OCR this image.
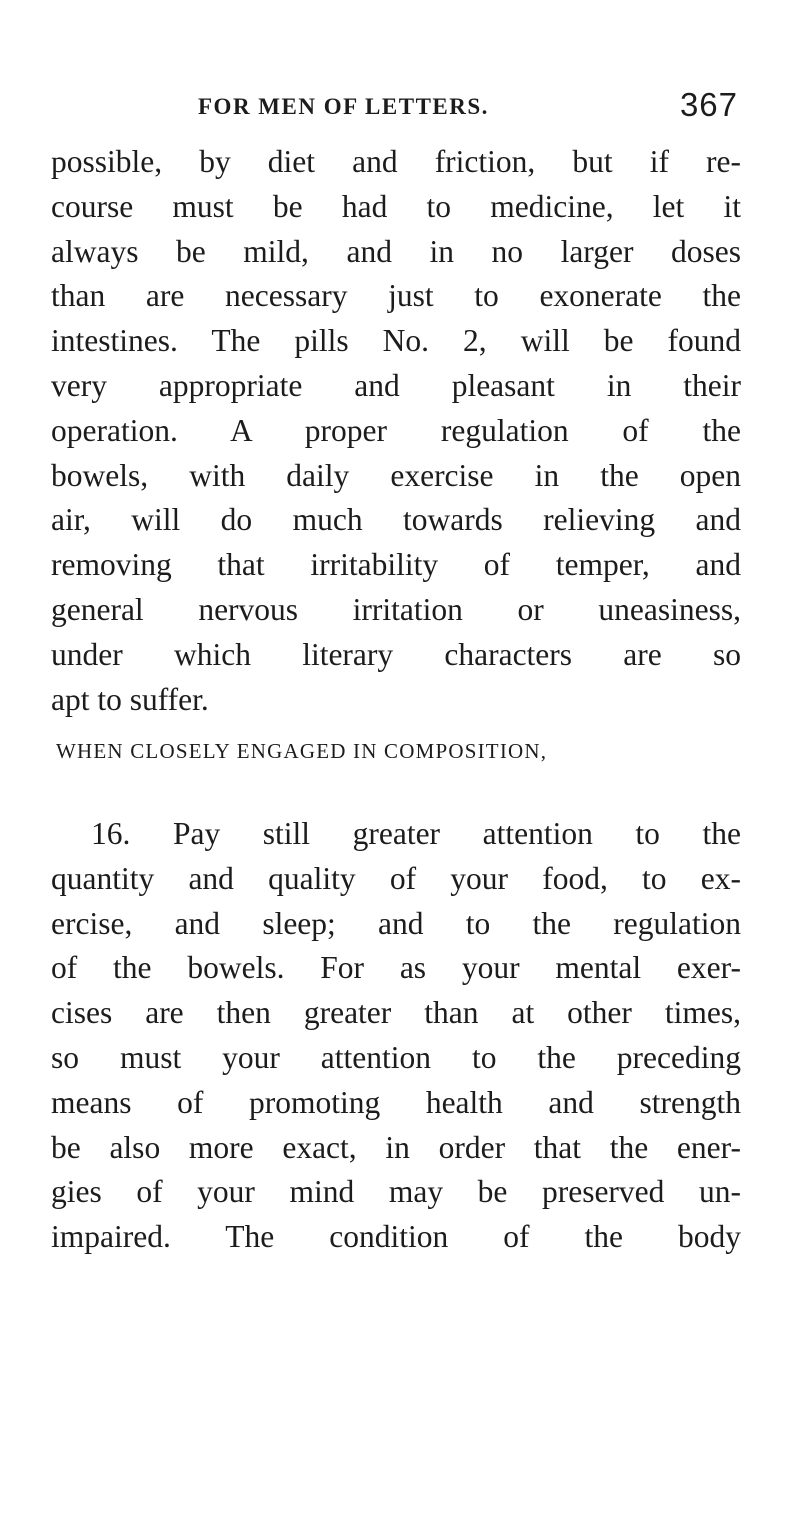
FOR MEN OF LETTERS.	367
possible, by diet and friction, but if re-
course must be had to medicine, let it
always be mild, and in no larger doses
than are necessary just to exonerate the
intestines. The pills No. 2, will be found
very appropriate and pleasant in their
operation. A proper regulation of the
bowels, with daily exercise in the open
air, will do much towards relieving and
removing that irritability of temper, and
general nervous irritation or uneasiness,
under which literary characters are so
apt to suffer.
WHEN CLOSELY ENGAGED IN COMPOSITION,
16. Pay still greater attention to the
quantity and quality of your food, to ex-
ercise, and sleep; and to the regulation
of the bowels. For as your mental exer-
cises are then greater than at other times,
so must your attention to the preceding
means of promoting health and strength
be also more exact, in order that the ener-
gies of your mind may be preserved un-
impaired. The condition of the body
